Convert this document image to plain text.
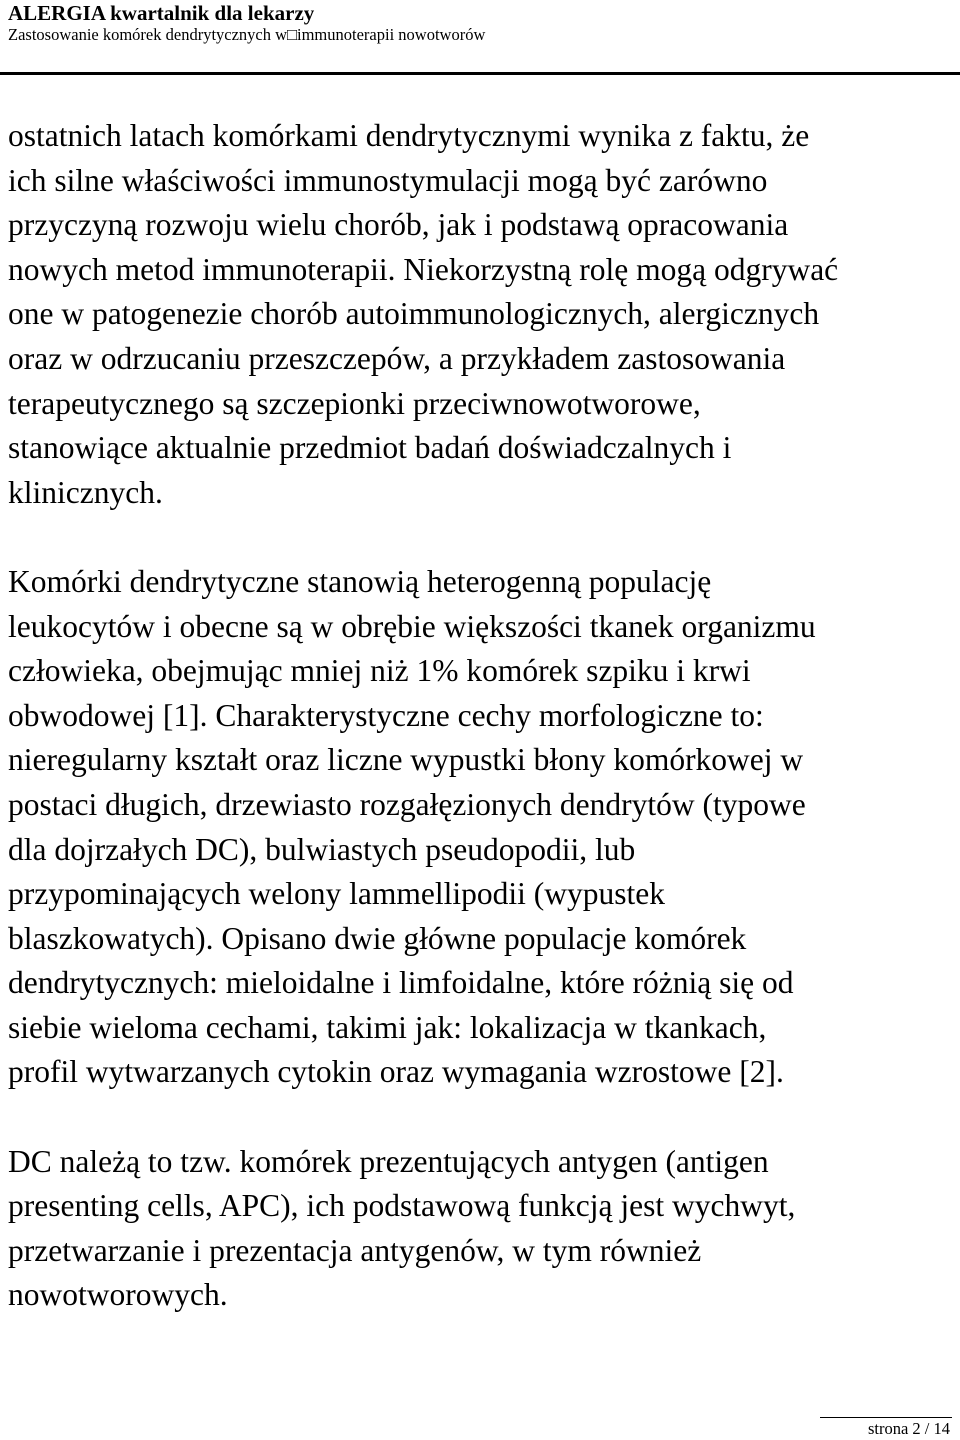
ALERGIA kwartalnik dla lekarzy
Zastosowanie komórek dendrytycznych w□immunoterapii nowotworów

ostatnich latach komórkami dendrytycznymi wynika z faktu, że
ich silne właściwości immunostymulacji mogą być zarówno
przyczyną rozwoju wielu chorób, jak i podstawą opracowania
nowych metod immunoterapii. Niekorzystną rolę mogą odgrywać
one w patogenezie chorób autoimmunologicznych, alergicznych
oraz w odrzucaniu przeszczepów, a przykładem zastosowania
terapeutycznego są szczepionki przeciwnowotworowe,
stanowiące aktualnie przedmiot badań doświadczalnych i
klinicznych.

Komórki dendrytyczne stanowią heterogenną populację
leukocytów i obecne są w obrębie większości tkanek organizmu
człowieka, obejmując mniej niż 1% komórek szpiku i krwi
obwodowej [1]. Charakterystyczne cechy morfologiczne to:
nieregularny kształt oraz liczne wypustki błony komórkowej w
postaci długich, drzewiasto rozgałęzionych dendrytów (typowe
dla dojrzałych DC), bulwiastych pseudopodii, lub
przypominających welony lammellipodii (wypustek
blaszkowatych). Opisano dwie główne populacje komórek
dendrytycznych: mieloidalne i limfoidalne, które różnią się od
siebie wieloma cechami, takimi jak: lokalizacja w tkankach,
profil wytwarzanych cytokin oraz wymagania wzrostowe [2].

DC należą to tzw. komórek prezentujących antygen (antigen
presenting cells, APC), ich podstawową funkcją jest wychwyt,
przetwarzanie i prezentacja antygenów, w tym również
nowotworowych.

strona 2 / 14
